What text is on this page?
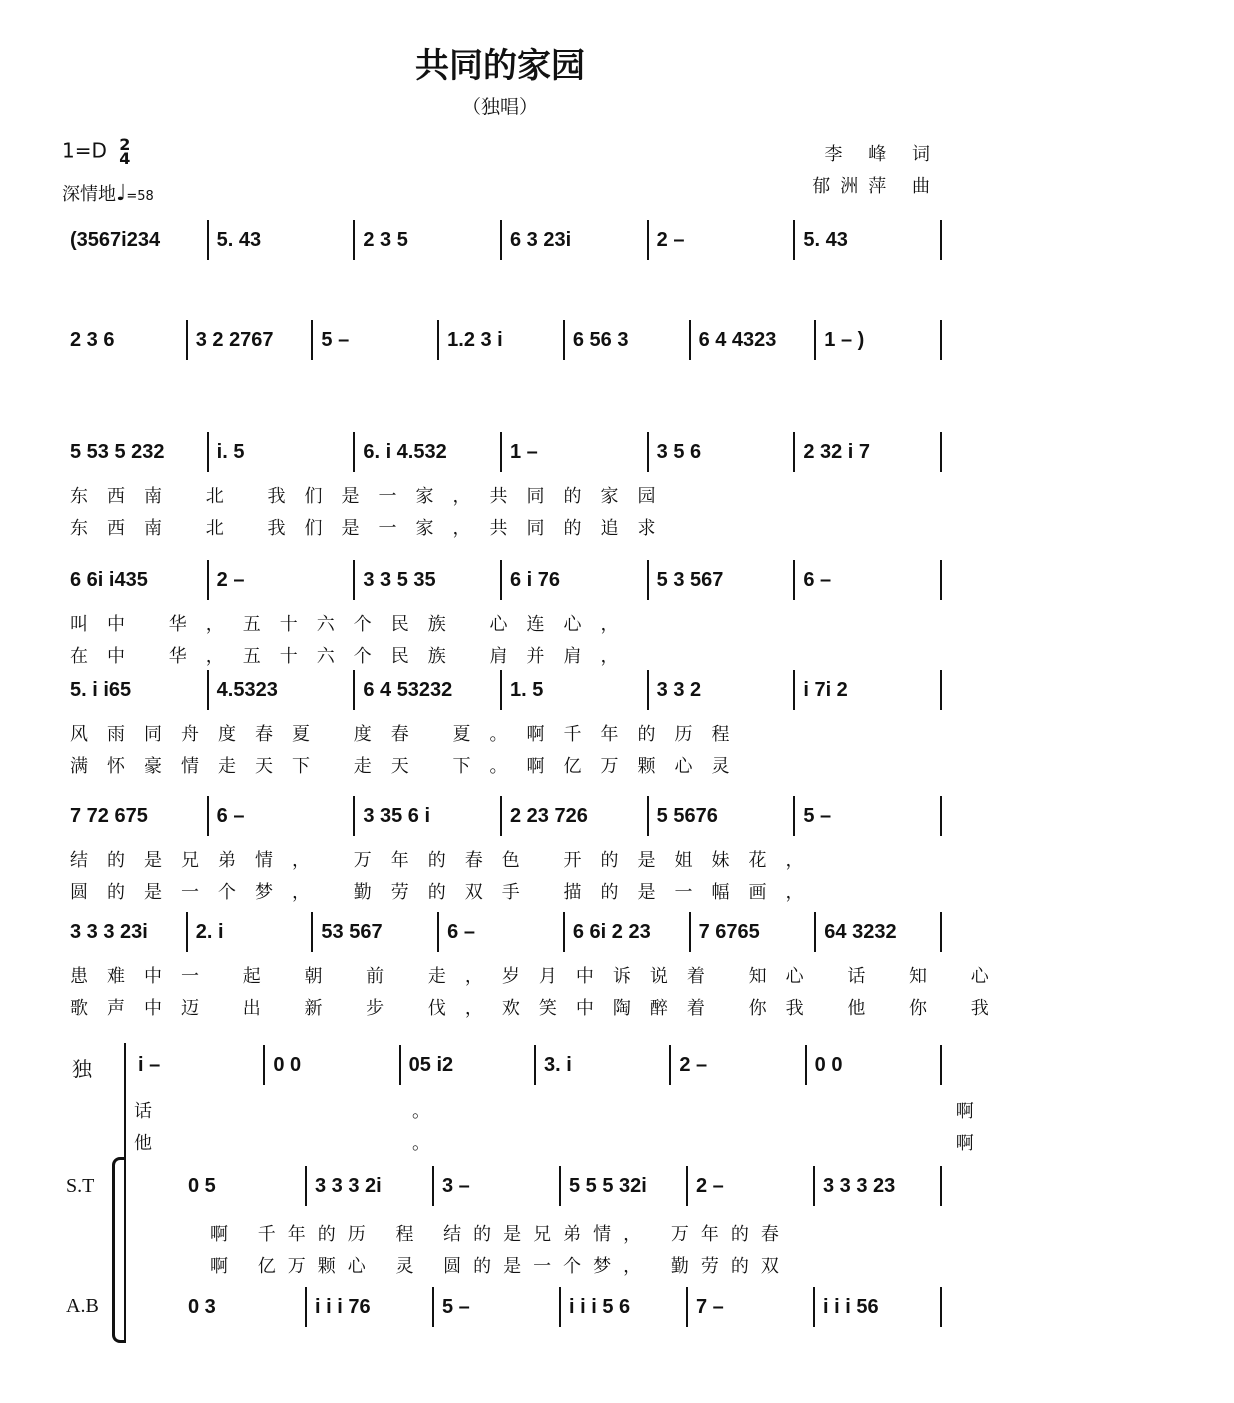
共同的家园
（独唱）
1=D 2
4
深情地♩=58
李 峰 词
郁洲萍 曲
(3567i234	5. 43	2 3 5	6 3 23i	2 –	5. 43
2 3 6	3 2 2767	5 –	1.2 3 i	6 56 3	6 4 4323	1 – )
5 53 5 232	i. 5	6. i 4.532	1 –	3 5 6	2 32 i 7
东西南 北 我们是一家，共同的家园
东西南 北 我们是一家，共同的追求
6 6i i435	2 –	3 3 5 35	6 i 76	5 3 567	6 –
叫中 华，五十六个民族 心连心，
在中 华，五十六个民族 肩并肩，
5. i i65	4.5323	6 4 53232	1. 5	3 3 2	i 7i 2
风雨同舟度春夏 度春 夏。啊千年的历程
满怀豪情走天下 走天 下。啊亿万颗心灵
7 72 675	6 –	3 35 6 i	2 23 726	5 5676	5 –
结的是兄弟情， 万年的春色 开的是姐妹花，
圆的是一个梦， 勤劳的双手 描的是一幅画，
3 3 3 23i	2. i	53 567	6 –	6 6i 2 23	7 6765	64 3232
患难中一 起 朝 前 走，岁月中诉说着 知心 话 知 心
歌声中迈 出 新 步 伐，欢笑中陶醉着 你我 他 你 我
i –	0 0	05 i2	3. i	2 –	0 0
0 5	3 3 3 2i	3 –	5 5 5 32i	2 –	3 3 3 23
0 3	i i i 76	5 –	i i i 5 6	7 –	i i i 56
独
S.T
A.B
话。 啊
他。 啊
啊 千年的历 程 结的是兄弟情， 万年的春
啊 亿万颗心 灵 圆的是一个梦， 勤劳的双
